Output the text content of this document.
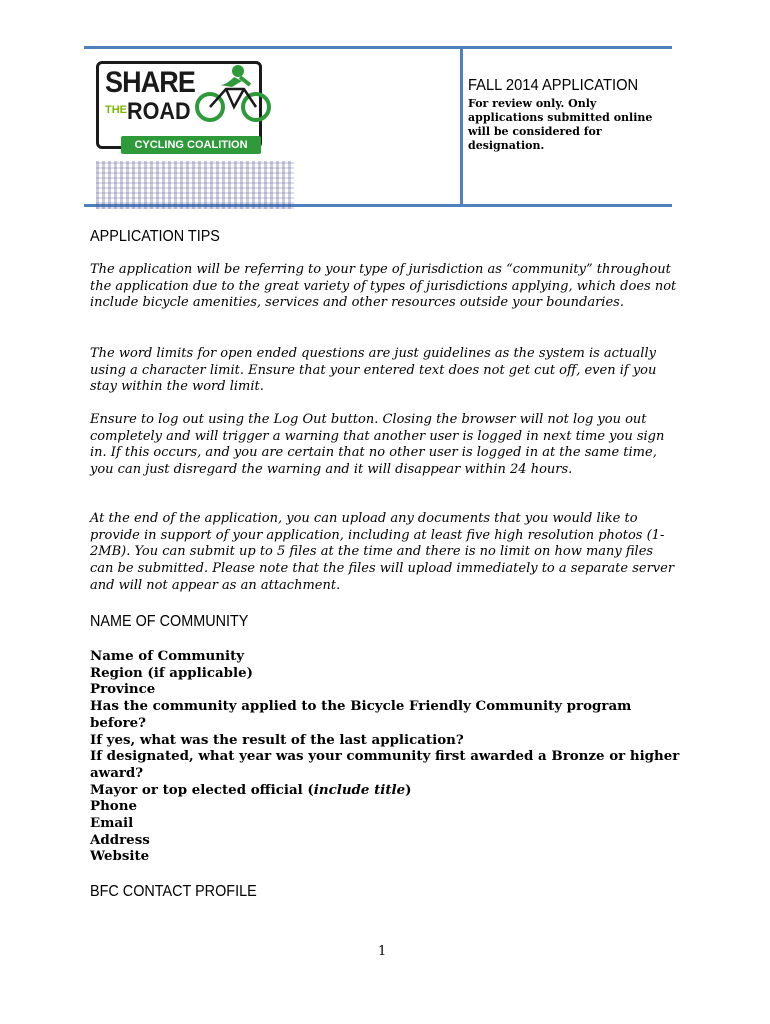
SHARE
THE ROAD
CYCLING COALITION
FALL 2014 APPLICATION
For review only. Only applications submitted online will be considered for designation.
APPLICATION TIPS

The application will be referring to your type of jurisdiction as “community” throughout the application due to the great variety of types of jurisdictions applying, which does not include bicycle amenities, services and other resources outside your boundaries.

The word limits for open ended questions are just guidelines as the system is actually using a character limit. Ensure that your entered text does not get cut off, even if you stay within the word limit.

Ensure to log out using the Log Out button. Closing the browser will not log you out completely and will trigger a warning that another user is logged in next time you sign in. If this occurs, and you are certain that no other user is logged in at the same time, you can just disregard the warning and it will disappear within 24 hours.

At the end of the application, you can upload any documents that you would like to provide in support of your application, including at least five high resolution photos (1-2MB). You can submit up to 5 files at the time and there is no limit on how many files can be submitted. Please note that the files will upload immediately to a separate server and will not appear as an attachment.

NAME OF COMMUNITY
Name of Community
Region (if applicable)
Province
Has the community applied to the Bicycle Friendly Community program before?
If yes, what was the result of the last application?
If designated, what year was your community first awarded a Bronze or higher award?
Mayor or top elected official (include title)
Phone
Email
Address
Website
BFC CONTACT PROFILE
1
